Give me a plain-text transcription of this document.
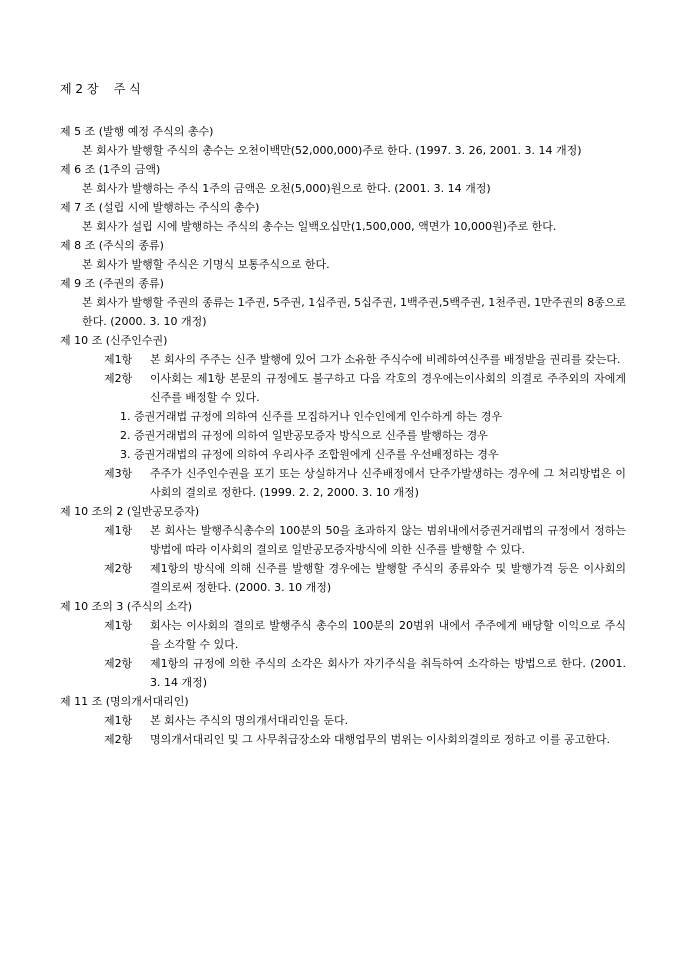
제 2 장    주 식
제 5 조 (발행 예정 주식의 총수)
본 회사가 발행할 주식의 총수는 오천이백만(52,000,000)주로 한다. (1997. 3. 26, 2001. 3. 14 개정)
제 6 조 (1주의 금액)
본 회사가 발행하는 주식 1주의 금액은 오천(5,000)원으로 한다. (2001. 3. 14 개정)
제 7 조 (설립 시에 발행하는 주식의 총수)
본 회사가 설립 시에 발행하는 주식의 총수는 일백오십만(1,500,000, 액면가 10,000원)주로 한다.
제 8 조 (주식의 종류)
본 회사가 발행할 주식은 기명식 보통주식으로 한다.
제 9 조 (주권의 종류)
본 회사가 발행할 주권의 종류는 1주권, 5주권, 1십주권, 5십주권, 1백주권,5백주권, 1천주권, 1만주권의 8종으로 한다. (2000. 3. 10 개정)
제 10 조 (신주인수권)
제1항	본 회사의 주주는 신주 발행에 있어 그가 소유한 주식수에 비례하여신주를 배정받을 권리를 갖는다.
제2항	이사회는 제1항 본문의 규정에도 불구하고 다음 각호의 경우에는이사회의 의결로 주주외의 자에게 신주를 배정할 수 있다.
1. 증권거래법 규정에 의하여 신주를 모집하거나 인수인에게 인수하게 하는 경우
2. 증권거래법의 규정에 의하여 일반공모증자 방식으로 신주를 발행하는 경우
3. 증권거래법의 규정에 의하여 우리사주 조합원에게 신주를 우선배정하는 경우
제3항	주주가 신주인수권을 포기 또는 상실하거나 신주배정에서 단주가발생하는 경우에 그 처리방법은 이사회의 결의로 정한다. (1999. 2. 2, 2000. 3. 10 개정)
제 10 조의 2 (일반공모증자)
제1항	본 회사는 발행주식총수의 100분의 50을 초과하지 않는 범위내에서증권거래법의 규정에서 정하는 방법에 따라 이사회의 결의로 일반공모증자방식에 의한 신주를 발행할 수 있다.
제2항	제1항의 방식에 의해 신주를 발행할 경우에는 발행할 주식의 종류와수 및 발행가격 등은 이사회의 결의로써 정한다. (2000. 3. 10 개정)
제 10 조의 3 (주식의 소각)
제1항	회사는 이사회의 결의로 발행주식 총수의 100분의 20범위 내에서 주주에게 배당할 이익으로 주식을 소각할 수 있다.
제2항	제1항의 규정에 의한 주식의 소각은 회사가 자기주식을 취득하여 소각하는 방법으로 한다. (2001. 3. 14 개정)
제 11 조 (명의개서대리인)
제1항	본 회사는 주식의 명의개서대리인을 둔다.
제2항	명의개서대리인 및 그 사무취급장소와 대행업무의 범위는 이사회의결의로 정하고 이를 공고한다.
